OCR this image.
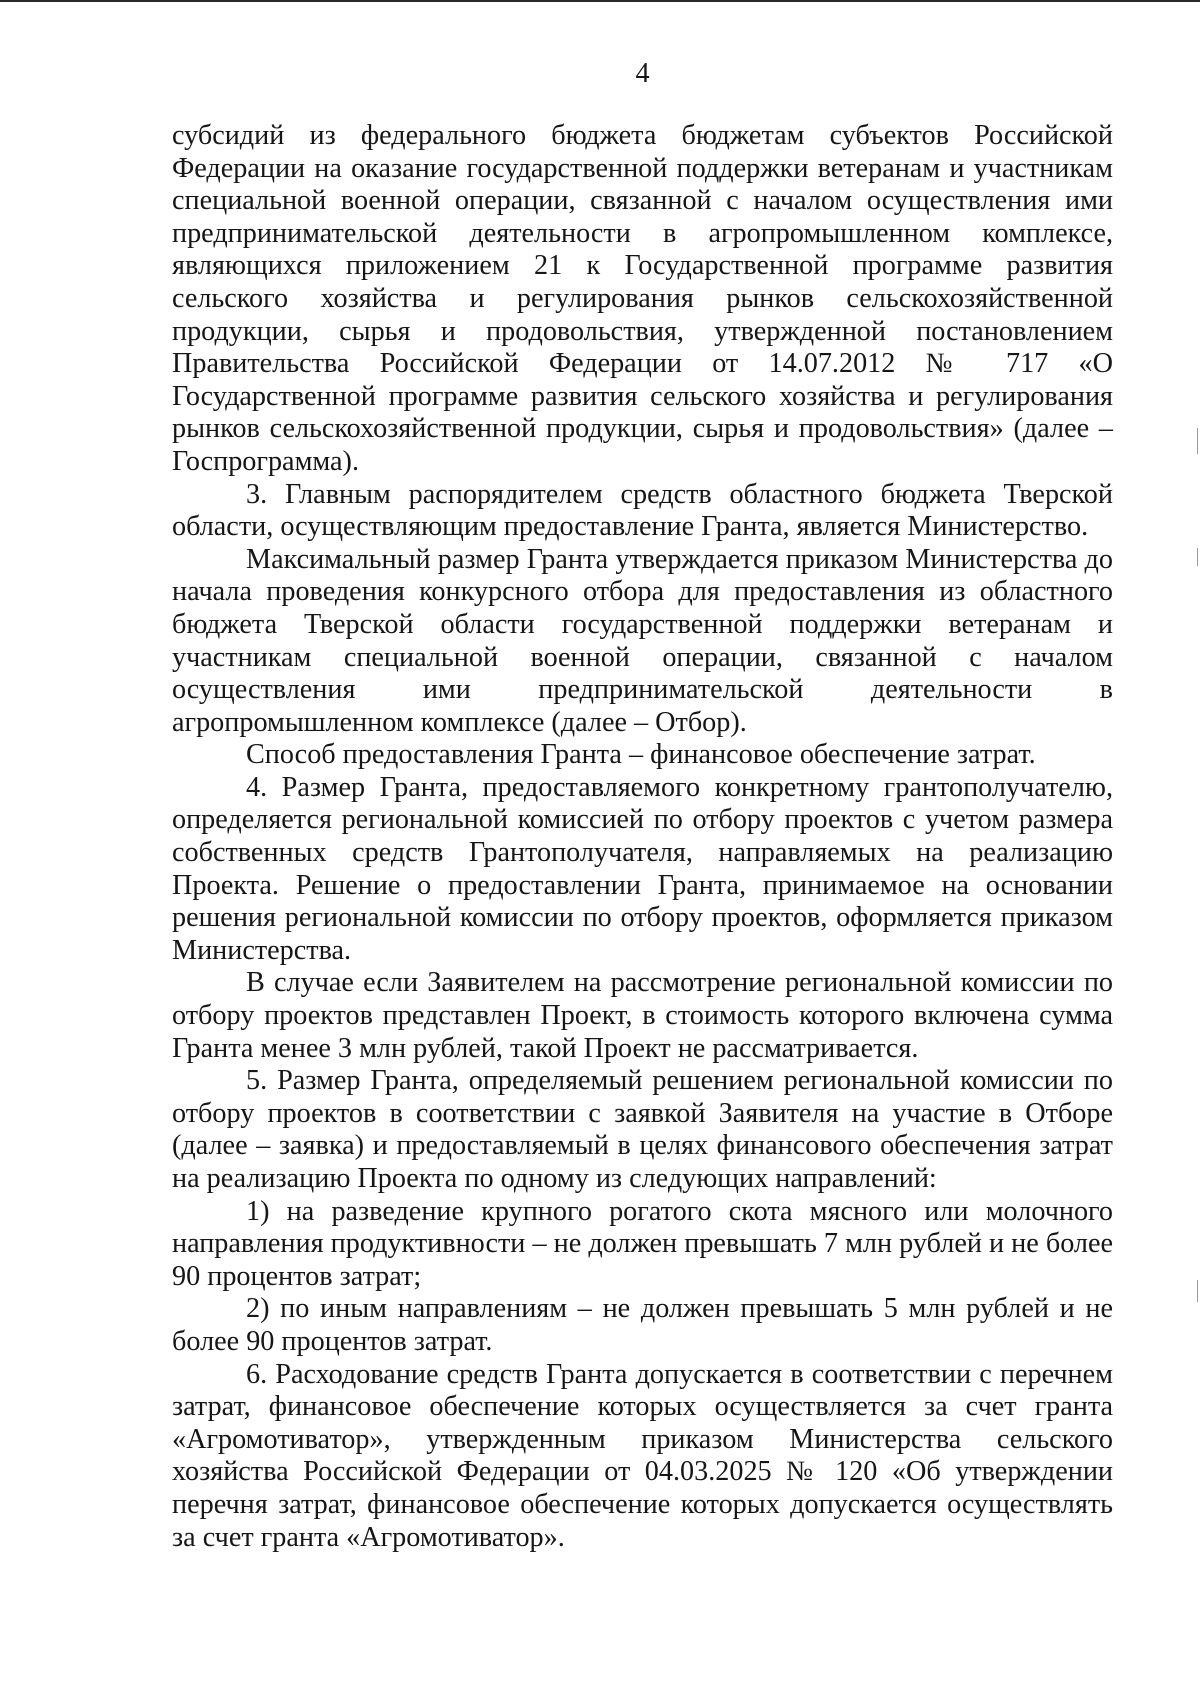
4

субсидий из федерального бюджета бюджетам субъектов Российской Федерации на оказание государственной поддержки ветеранам и участникам специальной военной операции, связанной с началом осуществления ими предпринимательской деятельности в агропромышленном комплексе, являющихся приложением 21 к Государственной программе развития сельского хозяйства и регулирования рынков сельскохозяйственной продукции, сырья и продовольствия, утвержденной постановлением Правительства Российской Федерации от 14.07.2012 № 717 «О Государственной программе развития сельского хозяйства и регулирования рынков сельскохозяйственной продукции, сырья и продовольствия» (далее – Госпрограмма).

3. Главным распорядителем средств областного бюджета Тверской области, осуществляющим предоставление Гранта, является Министерство.

Максимальный размер Гранта утверждается приказом Министерства до начала проведения конкурсного отбора для предоставления из областного бюджета Тверской области государственной поддержки ветеранам и участникам специальной военной операции, связанной с началом осуществления ими предпринимательской деятельности в агропромышленном комплексе (далее – Отбор).

Способ предоставления Гранта – финансовое обеспечение затрат.

4. Размер Гранта, предоставляемого конкретному грантополучателю, определяется региональной комиссией по отбору проектов с учетом размера собственных средств Грантополучателя, направляемых на реализацию Проекта. Решение о предоставлении Гранта, принимаемое на основании решения региональной комиссии по отбору проектов, оформляется приказом Министерства.

В случае если Заявителем на рассмотрение региональной комиссии по отбору проектов представлен Проект, в стоимость которого включена сумма Гранта менее 3 млн рублей, такой Проект не рассматривается.

5. Размер Гранта, определяемый решением региональной комиссии по отбору проектов в соответствии с заявкой Заявителя на участие в Отборе (далее – заявка) и предоставляемый в целях финансового обеспечения затрат на реализацию Проекта по одному из следующих направлений:

1) на разведение крупного рогатого скота мясного или молочного направления продуктивности – не должен превышать 7 млн рублей и не более 90 процентов затрат;

2) по иным направлениям – не должен превышать 5 млн рублей и не более 90 процентов затрат.

6. Расходование средств Гранта допускается в соответствии с перечнем затрат, финансовое обеспечение которых осуществляется за счет гранта «Агромотиватор», утвержденным приказом Министерства сельского хозяйства Российской Федерации от 04.03.2025 № 120 «Об утверждении перечня затрат, финансовое обеспечение которых допускается осуществлять за счет гранта «Агромотиватор».
